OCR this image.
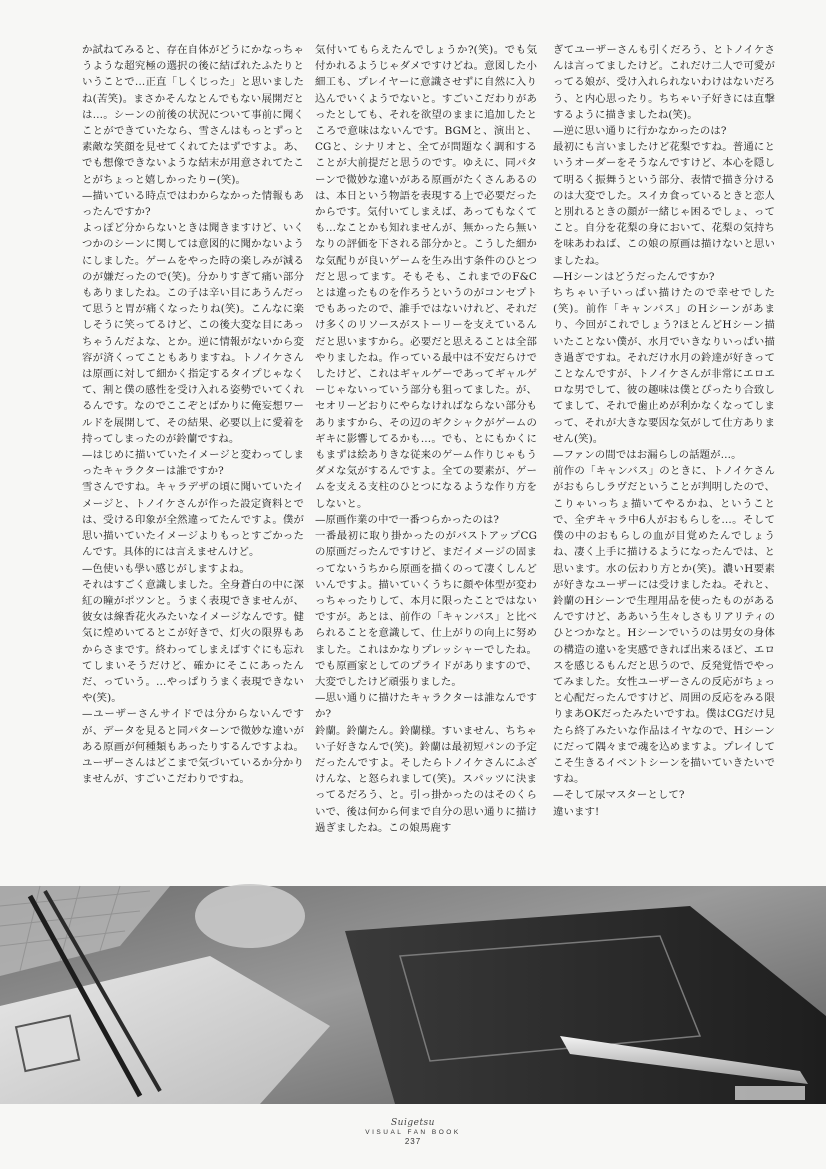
か試ねてみると、存在自体がどうにかなっちゃうような超究極の選択の後に結ばれたふたりということで…正直「しくじった」と思いましたね(苦笑)。まさかそんなとんでもない展開だとは…。シーンの前後の状況について事前に聞くことができていたなら、雪さんはもっとずっと素敵な笑顔を見せてくれてたはずですよ。あ、でも想像できないような結末が用意されてたことがちょっと嬉しかったり−(笑)。
—描いている時点ではわからなかった情報もあったんですか?
よっぽど分からないときは聞きますけど、いくつかのシーンに関しては意図的に聞かないようにしました。ゲームをやった時の楽しみが減るのが嫌だったので(笑)。分かりすぎて痛い部分もありましたね。この子は辛い目にあうんだって思うと胃が痛くなったりね(笑)。こんなに楽しそうに笑ってるけど、この後大変な目にあっちゃうんだよな、とか。逆に情報がないから変容が済くってこともありますね。トノイケさんは原画に対して細かく指定するタイプじゃなくて、割と僕の感性を受け入れる姿勢でいてくれるんです。なのでここぞとばかりに俺妄想ワールドを展開して、その結果、必要以上に愛着を持ってしまったのが鈴蘭ですね。
—はじめに描いていたイメージと変わってしまったキャラクターは誰ですか?
雪さんですね。キャラデザの頃に聞いていたイメージと、トノイケさんが作った設定資料とでは、受ける印象が全然違ってたんですよ。僕が思い描いていたイメージよりもっとすごかったんです。具体的には言えませんけど。
—色使いも學い感じがしますよね。
それはすごく意識しました。全身蒼白の中に深紅の瞳がポツンと。うまく表現できませんが、彼女は線香花火みたいなイメージなんです。健気に煌めいてるとこが好きで、灯火の限界もあからさまです。終わってしまえばすぐにも忘れてしまいそうだけど、確かにそこにあったんだ、っていう。…やっぱりうまく表現できないや(笑)。
—ユーザーさんサイドでは分からないんですが、データを見ると同パターンで微妙な違いがある原画が何種類もあったりするんですよね。ユーザーさんはどこまで気づいているか分かりませんが、すごいこだわりですね。
気付いてもらえたんでしょうか?(笑)。でも気付かれるようじゃダメですけどね。意図した小細工も、プレイヤーに意識させずに自然に入り込んでいくようでないと。すごいこだわりがあったとしても、それを欲望のままに追加したところで意味はないんです。BGMと、演出と、CGと、シナリオと、全てが問題なく調和することが大前提だと思うのです。ゆえに、同パターンで微妙な違いがある原画がたくさんあるのは、本日という物語を表現する上で必要だったからです。気付いてしまえば、あってもなくても…なことかも知れませんが、無かったら無いなりの評価を下される部分かと。こうした細かな気配りが良いゲームを生み出す条件のひとつだと思ってます。そもそも、これまでのF&Cとは違ったものを作ろうというのがコンセプトでもあったので、誰手ではないけれど、それだけ多くのリソースがストーリーを支えているんだと思いますから。必要だと思えることは全部やりましたね。作っている最中は不安だらけでしたけど、これはギャルゲーであってギャルゲーじゃないっていう部分も狙ってました。が、セオリーどおりにやらなければならない部分もありますから、その辺のギクシャクがゲームのギキに影響してるかも…。でも、とにもかくにもまずは絵ありきな従来のゲーム作りじゃもうダメな気がするんですよ。全ての要素が、ゲームを支える支柱のひとつになるような作り方をしないと。
—原画作業の中で一番つらかったのは?
一番最初に取り掛かったのがバストアップCGの原画だったんですけど、まだイメージの固まってないうちから原画を描くのって凄くしんどいんですよ。描いていくうちに顔や体型が変わっちゃったりして、本月に限ったことではないですが。あとは、前作の「キャンバス」と比べられることを意識して、仕上がりの向上に努めました。これはかなりプレッシャーでしたね。でも原画家としてのプライドがありますので、大変でしたけど頑張りました。
—思い通りに描けたキャラクターは誰なんですか?
鈴蘭。鈴蘭たん。鈴蘭様。すいません、ちちゃい子好きなんで(笑)。鈴蘭は最初短パンの予定だったんですよ。そしたらトノイケさんにふざけんな、と怒られまして(笑)。スパッツに決まってるだろう、と。引っ掛かったのはそのくらいで、後は何から何まで自分の思い通りに描け過ぎましたね。この娘馬鹿す
ぎてユーザーさんも引くだろう、とトノイケさんは言ってましたけど。これだけ二人で可愛がってる娘が、受け入れられないわけはないだろう、と内心思ったり。ちちゃい子好きには直撃するように描きましたね(笑)。
—逆に思い通りに行かなかったのは?
最初にも言いましたけど花梨ですね。普通にというオーダーをそうなんですけど、本心を隠して明るく振舞うという部分、表情で描き分けるのは大変でした。スイカ食っているときと恋人と別れるときの顔が一緒じゃ困るでしょ、ってこと。自分を花梨の身において、花梨の気持ちを味あわねば、この娘の原画は描けないと思いましたね。
—Hシーンはどうだったんですか?
ちちゃい子いっぱい描けたので幸せでした(笑)。前作「キャンバス」のHシーンがあまり、今回がこれでしょう?ほとんどHシーン描いたことない僕が、水月でいきなりいっぱい描き過ぎですね。それだけ水月の鈴達が好きってことなんですが、トノイケさんが非常にエロエロな男でして、彼の趣味は僕とぴったり合致してまして、それで歯止めが利かなくなってしまって、それが大きな要因な気がして仕方ありません(笑)。
—ファンの間ではお漏らしの話題が…。
前作の「キャンバス」のときに、トノイケさんがおもらしラヴだということが判明したので、こりゃいっちょ描いてやるかね、ということで、全ヂキャラ中6人がおもらしを…。そして僕の中のおもらしの血が目覚めたんでしょうね、凄く上手に描けるようになったんでは、と思います。水の伝わり方とか(笑)。濃いH要素が好きなユーザーには受けましたね。それと、鈴蘭のHシーンで生理用品を使ったものがあるんですけど、ああいう生々しさもリアリティのひとつかなと。Hシーンでいうのは男女の身体の構造の違いを実感できれば出来るほど、エロスを感じるもんだと思うので、反発覚悟でやってみました。女性ユーザーさんの反応がちょっと心配だったんですけど、周囲の反応をみる限りまあOKだったみたいですね。僕はCGだけ見たら終了みたいな作品はイヤなので、Hシーンにだって隅々まで魂を込めますよ。プレイしてこそ生きるイベントシーンを描いていきたいですね。
—そして尿マスターとして?
違います!
Suigetsu
VISUAL FAN BOOK
237
